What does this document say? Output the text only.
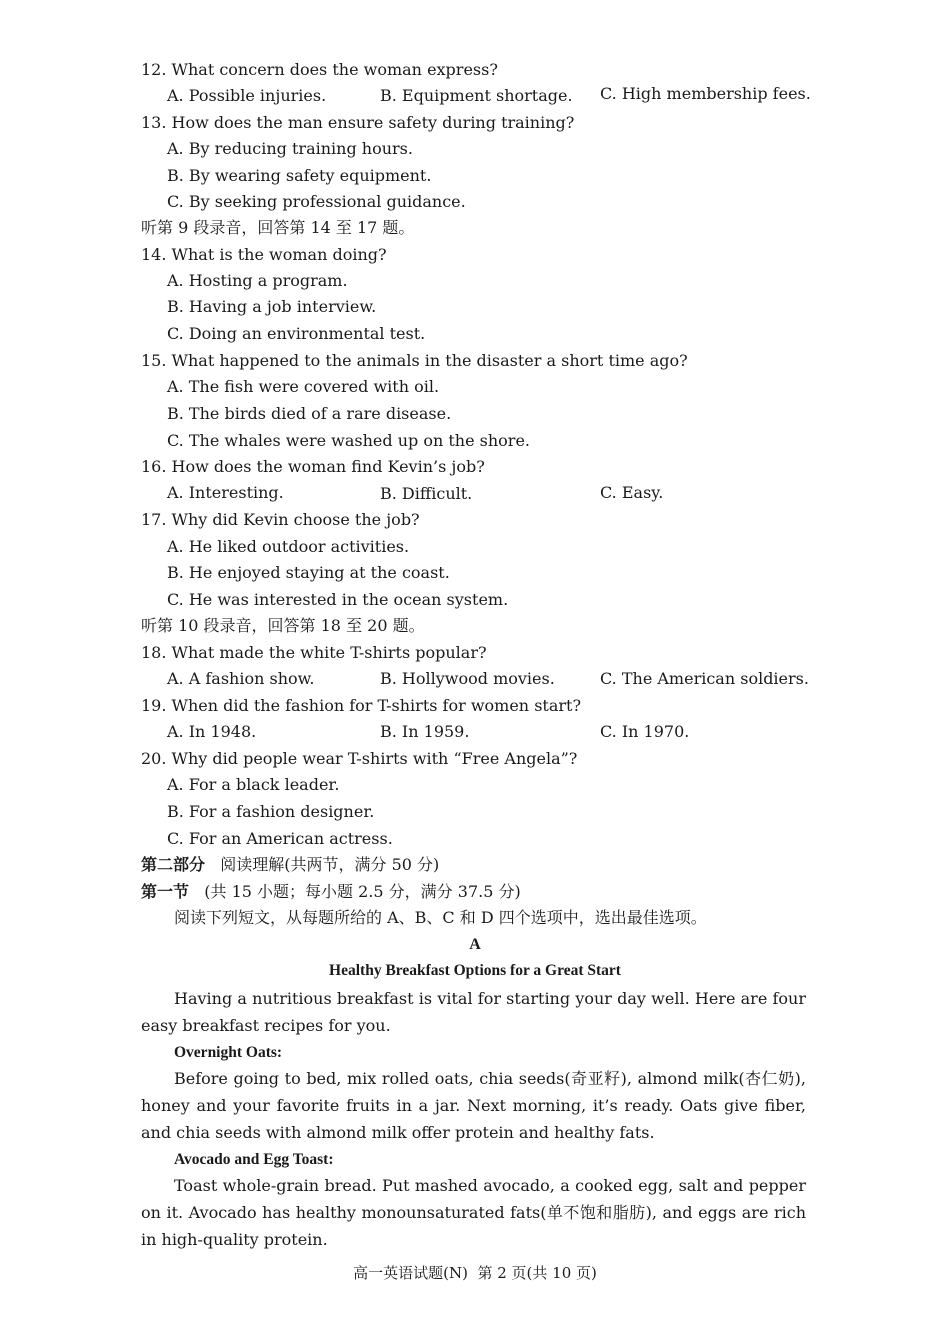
12. What concern does the woman express?
A. Possible injuries.	B. Equipment shortage. C. High membership fees.
13. How does the man ensure safety during training?
A. By reducing training hours.
B. By wearing safety equipment.
C. By seeking professional guidance.
听第 9 段录音，回答第 14 至 17 题。
14. What is the woman doing?
A. Hosting a program.
B. Having a job interview.
C. Doing an environmental test.
15. What happened to the animals in the disaster a short time ago?
A. The fish were covered with oil.
B. The birds died of a rare disease.
C. The whales were washed up on the shore.
16. How does the woman find Kevin’s job?
A. Interesting.	B. Difficult.	C. Easy.
17. Why did Kevin choose the job?
A. He liked outdoor activities.
B. He enjoyed staying at the coast.
C. He was interested in the ocean system.
听第 10 段录音，回答第 18 至 20 题。
18. What made the white T-shirts popular?
A. A fashion show.	B. Hollywood movies.	C. The American soldiers.
19. When did the fashion for T-shirts for women start?
A. In 1948.	B. In 1959.	C. In 1970.
20. Why did people wear T-shirts with “Free Angela”?
A. For a black leader.
B. For a fashion designer.
C. For an American actress.
第二部分 阅读理解(共两节，满分 50 分)
第一节 (共 15 小题；每小题 2.5 分，满分 37.5 分)
阅读下列短文，从每题所给的 A、B、C 和 D 四个选项中，选出最佳选项。
A
Healthy Breakfast Options for a Great Start
Having a nutritious breakfast is vital for starting your day well. Here are four easy breakfast recipes for you.
Overnight Oats:
Before going to bed, mix rolled oats, chia seeds(奇亚籽), almond milk(杏仁奶), honey and your favorite fruits in a jar. Next morning, it’s ready. Oats give fiber, and chia seeds with almond milk offer protein and healthy fats.
Avocado and Egg Toast:
Toast whole-grain bread. Put mashed avocado, a cooked egg, salt and pepper on it. Avocado has healthy monounsaturated fats(单不饱和脂肪), and eggs are rich in high-quality protein.
高一英语试题(N)  第 2 页(共 10 页)
